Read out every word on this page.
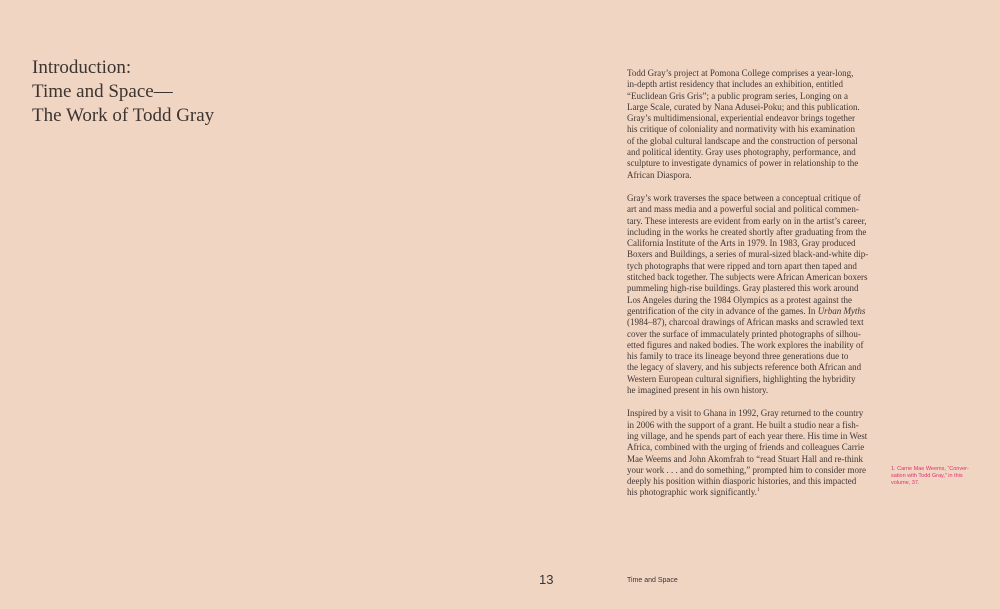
Introduction:
Time and Space—
The Work of Todd Gray

Todd Gray’s project at Pomona College comprises a year-long,
in-depth artist residency that includes an exhibition, entitled
“Euclidean Gris Gris”; a public program series, Longing on a
Large Scale, curated by Nana Adusei-Poku; and this publication.
Gray’s multidimensional, experiential endeavor brings together
his critique of coloniality and normativity with his examination
of the global cultural landscape and the construction of personal
and political identity. Gray uses photography, performance, and
sculpture to investigate dynamics of power in relationship to the
African Diaspora.

Gray’s work traverses the space between a conceptual critique of
art and mass media and a powerful social and political commen-
tary. These interests are evident from early on in the artist’s career,
including in the works he created shortly after graduating from the
California Institute of the Arts in 1979. In 1983, Gray produced
Boxers and Buildings, a series of mural-sized black-and-white dip-
tych photographs that were ripped and torn apart then taped and
stitched back together. The subjects were African American boxers
pummeling high-rise buildings. Gray plastered this work around
Los Angeles during the 1984 Olympics as a protest against the
gentrification of the city in advance of the games. In Urban Myths
(1984–87), charcoal drawings of African masks and scrawled text
cover the surface of immaculately printed photographs of silhou-
etted figures and naked bodies. The work explores the inability of
his family to trace its lineage beyond three generations due to
the legacy of slavery, and his subjects reference both African and
Western European cultural signifiers, highlighting the hybridity
he imagined present in his own history.

Inspired by a visit to Ghana in 1992, Gray returned to the country
in 2006 with the support of a grant. He built a studio near a fish-
ing village, and he spends part of each year there. His time in West
Africa, combined with the urging of friends and colleagues Carrie
Mae Weems and John Akomfrah to “read Stuart Hall and re-think
your work . . . and do something,” prompted him to consider more
deeply his position within diasporic histories, and this impacted
his photographic work significantly.$^1$

1. Carrie Mae Weems, “Conver-
sation with Todd Gray,” in this
volume, 37.
13	Time and Space
